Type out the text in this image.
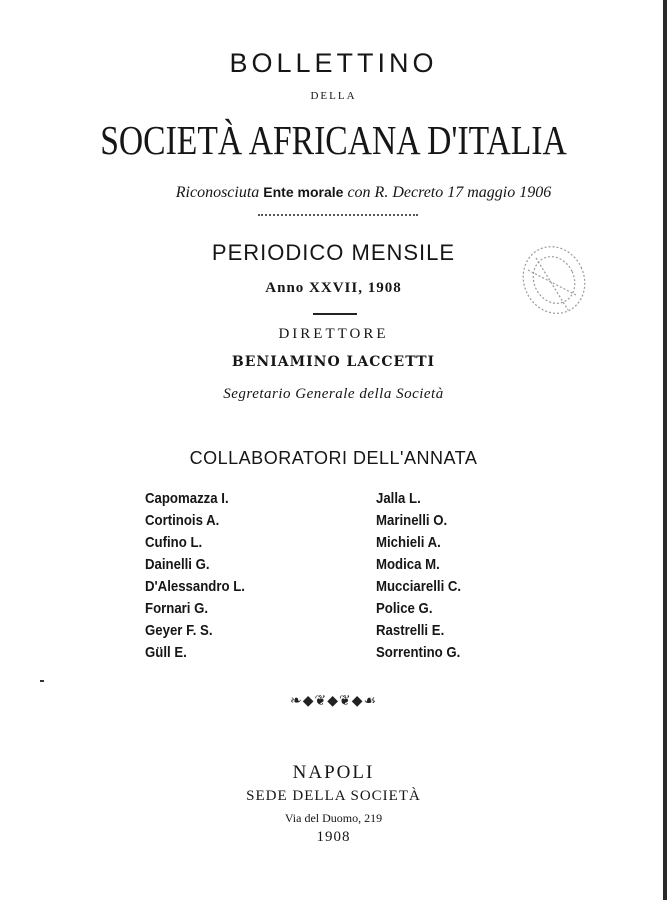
BOLLETTINO
DELLA
SOCIETÀ AFRICANA D'ITALIA
Riconosciuta Ente morale con R. Decreto 17 maggio 1906
PERIODICO MENSILE
Anno XXVII, 1908
DIRETTORE
BENIAMINO LACCETTI
Segretario Generale della Società
COLLABORATORI DELL'ANNATA
Capomazza I.
Cortinois A.
Cufino L.
Dainelli G.
D'Alessandro L.
Fornari G.
Geyer F. S.
Güll E.
Jalla L.
Marinelli O.
Michieli A.
Modica M.
Mucciarelli C.
Police G.
Rastrelli E.
Sorrentino G.
❧◆❦◆❦◆☙
NAPOLI
SEDE DELLA SOCIETÀ
Via del Duomo, 219
1908
